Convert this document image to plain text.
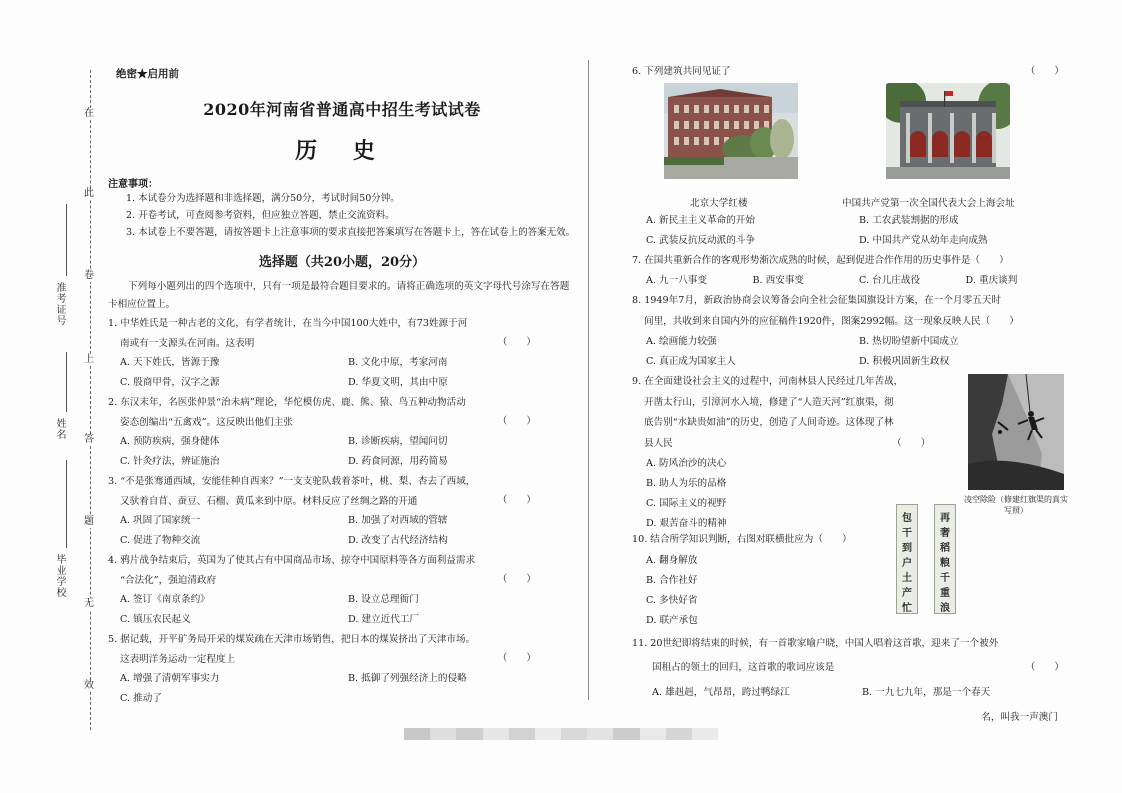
在
此
卷
上
答
题
无
效
准考证号
姓名
毕业学校
绝密★启用前
2020年河南省普通高中招生考试试卷
历 史
注意事项：
1. 本试卷分为选择题和非选择题，满分50分，考试时间50分钟。
2. 开卷考试，可查阅参考资料，但应独立答题，禁止交流资料。
3. 本试卷上不要答题，请按答题卡上注意事项的要求直接把答案填写在答题卡上，答在试卷上的答案无效。
选择题（共20小题，20分）
下列每小题列出的四个选项中，只有一项是最符合题目要求的。请将正确选项的英文字母代号涂写在答题卡相应位置上。
1. 中华姓氏是一种古老的文化，有学者统计，在当今中国100大姓中，有73姓源于河
南或有一支源头在河南。这表明	（　　）
A. 天下姓氏，皆源于豫	B. 文化中原，考家河南
C. 殷商甲骨，汉字之源	D. 华夏文明，其由中原
2. 东汉末年，名医张仲景“治未病”理论，华佗模仿虎、鹿、熊、猿、鸟五种动物活动
姿态创编出“五禽戏”。这反映出他们主张	（　　）
A. 预防疾病，强身健体	B. 诊断疾病，望闻问切
C. 针灸疗法，辨证施治	D. 药食同源，用药简易
3. “不是张骞通西域，安能佳种自西来？”一支支驼队载着茶叶，桃、梨、杏去了西域，
又驮着自苜、蚕豆、石榴、黄瓜来到中原。材料反应了丝绸之路的开通	（　　）
A. 巩固了国家统一	B. 加强了对西域的管辖
C. 促进了物种交流	D. 改变了古代经济结构
4. 鸦片战争结束后，英国为了使其占有中国商品市场、掠夺中国原料等各方面利益需求
“合法化”，强迫清政府	（　　）
A. 签订《南京条约》	B. 设立总理衙门
C. 镇压农民起义	D. 建立近代工厂
5. 据记载，开平矿务局开采的煤炭疏在天津市场销售，把日本的煤炭挤出了天津市场。
这表明洋务运动一定程度上	（　　）
A. 增强了清朝军事实力	B. 抵御了列强经济上的侵略
C. 推动了
6. 下列建筑共同见证了	（　　）
北京大学红楼	中国共产党第一次全国代表大会上海会址
A. 新民主主义革命的开始	B. 工农武装割据的形成
C. 武装反抗反动派的斗争	D. 中国共产党从幼年走向成熟
7. 在国共重新合作的客观形势渐次成熟的时候，起到促进合作作用的历史事件是（　　）
A. 九一八事变	B. 西安事变	C. 台儿庄战役	D. 重庆谈判
8. 1949年7月，新政治协商会议筹备会向全社会征集国旗设计方案，在一个月零五天时
间里，共收到来自国内外的应征稿件1920件，图案2992幅。这一现象反映人民（　　）
A. 绘画能力较强	B. 热切盼望新中国成立
C. 真正成为国家主人	D. 积极巩固新生政权
9. 在全面建设社会主义的过程中，河南林县人民经过几年苦战，
开凿太行山，引漳河水入境，修建了“人造天河”红旗渠，彻
底告别“水缺贵如油”的历史，创造了人间奇迹。这体现了林
县人民	（　　）
A. 防风治沙的决心
B. 助人为乐的品格
C. 国际主义的视野
D. 艰苦奋斗的精神
凌空除险（修建红旗渠的真实写照）
10. 结合所学知识判断，右图对联横批应为（　　）
A. 翻身解放
B. 合作社好
C. 多快好省
D. 联产承包
包
干
到
户
土
产
忙
再
奢
稻
粮
千
重
浪
11. 20世纪即将结束的时候，有一首歌家喻户晓，中国人唱着这首歌，迎来了一个被外
国租占的领土的回归，这首歌的歌词应该是	（　　）
A. 雄赳赳，气昂昂，跨过鸭绿江	B. 一九七九年，那是一个春天
名，叫我一声澳门
